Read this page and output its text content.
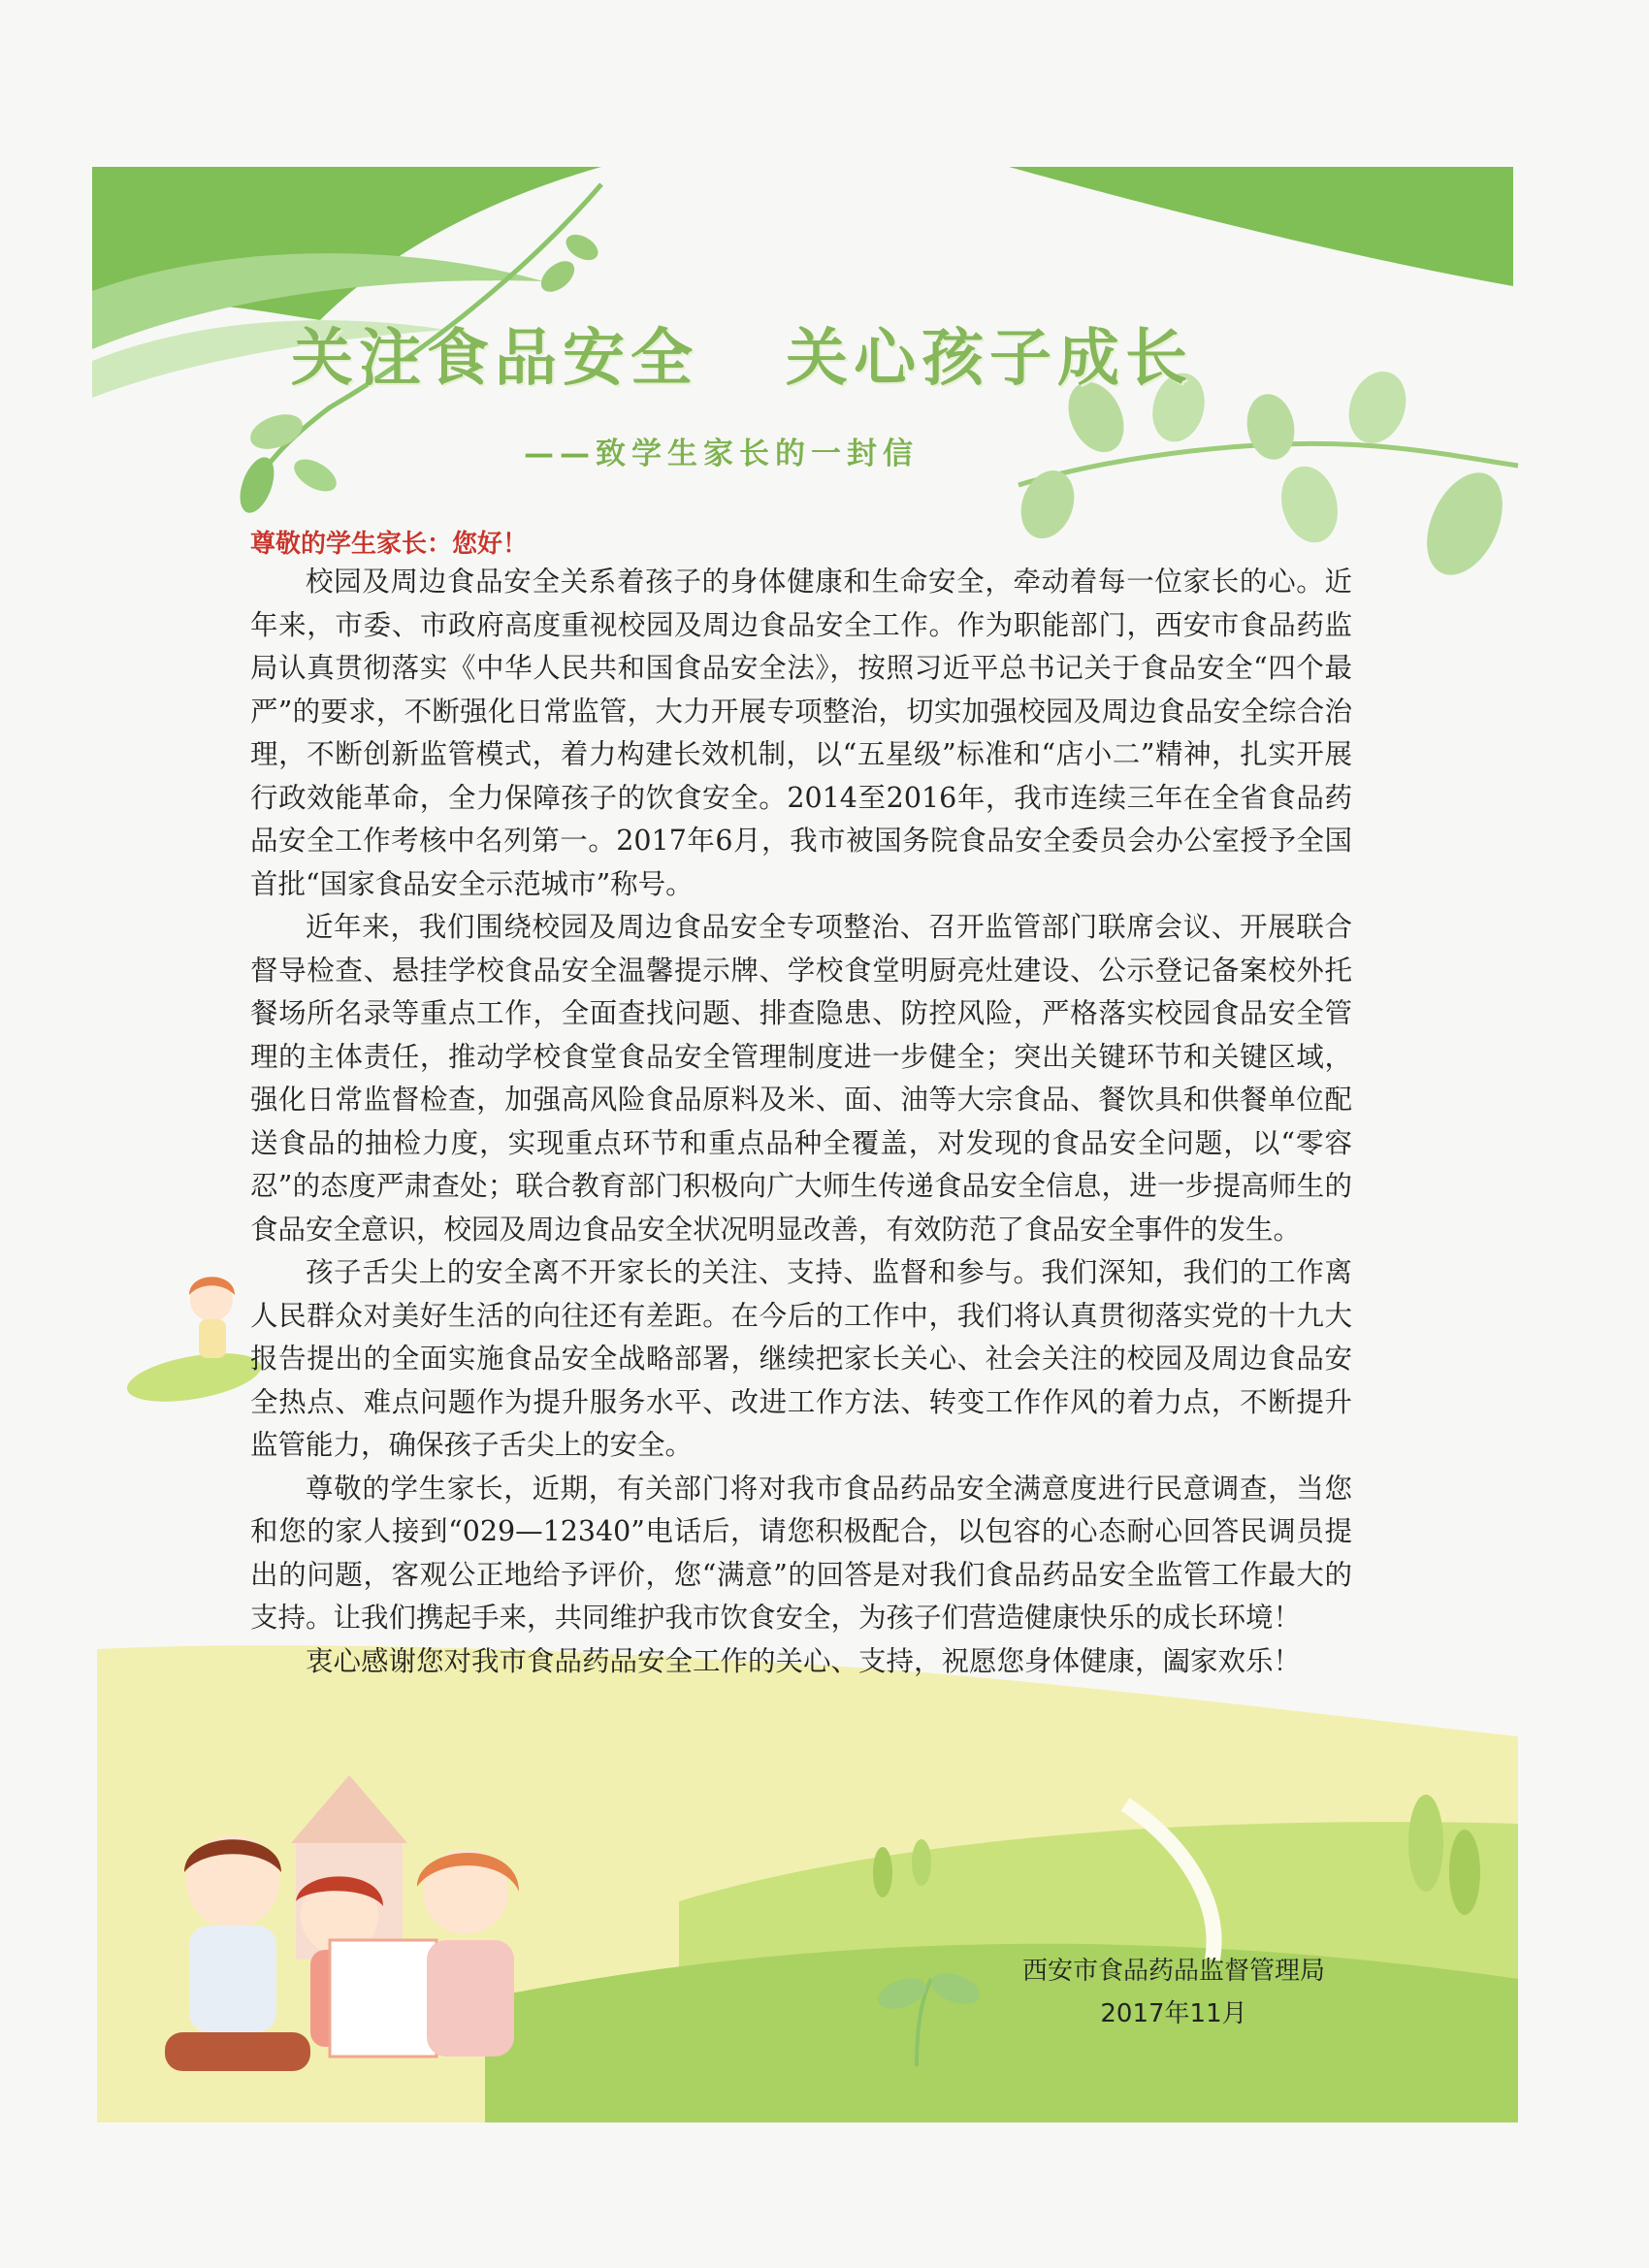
关注食品安全 关心孩子成长
——致学生家长的一封信
尊敬的学生家长：您好！

校园及周边食品安全关系着孩子的身体健康和生命安全，牵动着每一位家长的心。近年来，市委、市政府高度重视校园及周边食品安全工作。作为职能部门，西安市食品药监局认真贯彻落实《中华人民共和国食品安全法》，按照习近平总书记关于食品安全“四个最严”的要求，不断强化日常监管，大力开展专项整治，切实加强校园及周边食品安全综合治理，不断创新监管模式，着力构建长效机制，以“五星级”标准和“店小二”精神，扎实开展行政效能革命，全力保障孩子的饮食安全。2014至2016年，我市连续三年在全省食品药品安全工作考核中名列第一。2017年6月，我市被国务院食品安全委员会办公室授予全国首批“国家食品安全示范城市”称号。

近年来，我们围绕校园及周边食品安全专项整治、召开监管部门联席会议、开展联合督导检查、悬挂学校食品安全温馨提示牌、学校食堂明厨亮灶建设、公示登记备案校外托餐场所名录等重点工作，全面查找问题、排查隐患、防控风险，严格落实校园食品安全管理的主体责任，推动学校食堂食品安全管理制度进一步健全；突出关键环节和关键区域，强化日常监督检查，加强高风险食品原料及米、面、油等大宗食品、餐饮具和供餐单位配送食品的抽检力度，实现重点环节和重点品种全覆盖，对发现的食品安全问题，以“零容忍”的态度严肃查处；联合教育部门积极向广大师生传递食品安全信息，进一步提高师生的食品安全意识，校园及周边食品安全状况明显改善，有效防范了食品安全事件的发生。

孩子舌尖上的安全离不开家长的关注、支持、监督和参与。我们深知，我们的工作离人民群众对美好生活的向往还有差距。在今后的工作中，我们将认真贯彻落实党的十九大报告提出的全面实施食品安全战略部署，继续把家长关心、社会关注的校园及周边食品安全热点、难点问题作为提升服务水平、改进工作方法、转变工作作风的着力点，不断提升监管能力，确保孩子舌尖上的安全。

尊敬的学生家长，近期，有关部门将对我市食品药品安全满意度进行民意调查，当您和您的家人接到“029—12340”电话后，请您积极配合，以包容的心态耐心回答民调员提出的问题，客观公正地给予评价，您“满意”的回答是对我们食品药品安全监管工作最大的支持。让我们携起手来，共同维护我市饮食安全，为孩子们营造健康快乐的成长环境！

衷心感谢您对我市食品药品安全工作的关心、支持，祝愿您身体健康，阖家欢乐！

西安市食品药品监督管理局
2017年11月
